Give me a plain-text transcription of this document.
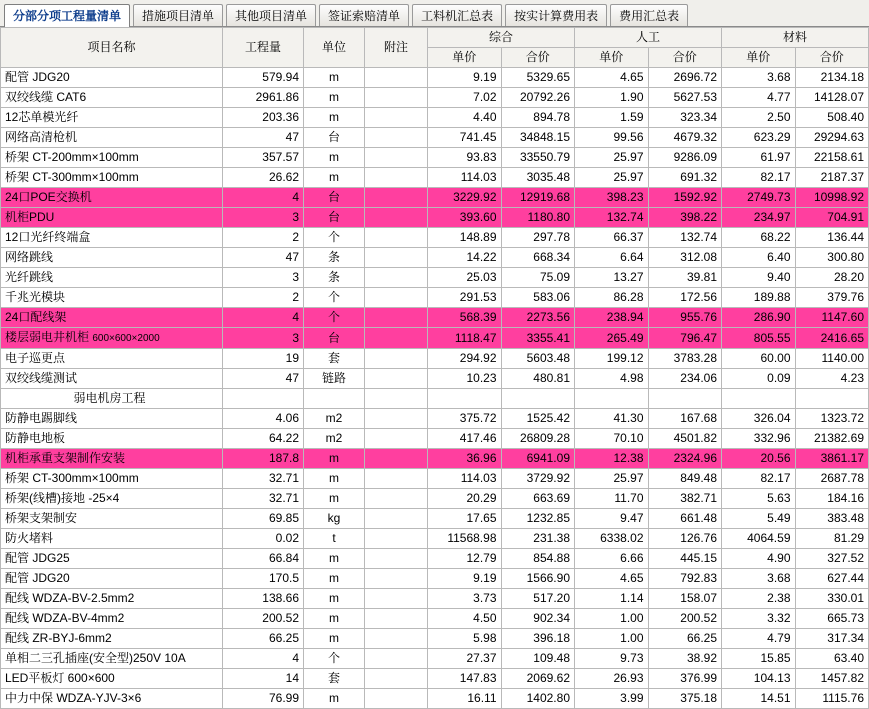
分部分项工程量清单	措施项目清单	其他项目清单	签证索赔清单	工料机汇总表	按实计算费用表	费用汇总表
项目名称	工程量	单位	附注	综合		人工		材料	
				单价	合价	单价	合价	单价	合价
配管 JDG20	579.94	m		9.19	5329.65	4.65	2696.72	3.68	2134.18
双绞线缆 CAT6	2961.86	m		7.02	20792.26	1.90	5627.53	4.77	14128.07
12芯单模光纤	203.36	m		4.40	894.78	1.59	323.34	2.50	508.40
网络高清枪机	47	台		741.45	34848.15	99.56	4679.32	623.29	29294.63
桥架 CT-200mm×100mm	357.57	m		93.83	33550.79	25.97	9286.09	61.97	22158.61
桥架 CT-300mm×100mm	26.62	m		114.03	3035.48	25.97	691.32	82.17	2187.37
24口POE交换机	4	台		3229.92	12919.68	398.23	1592.92	2749.73	10998.92
机柜PDU	3	台		393.60	1180.80	132.74	398.22	234.97	704.91
12口光纤终端盒	2	个		148.89	297.78	66.37	132.74	68.22	136.44
网络跳线	47	条		14.22	668.34	6.64	312.08	6.40	300.80
光纤跳线	3	条		25.03	75.09	13.27	39.81	9.40	28.20
千兆光模块	2	个		291.53	583.06	86.28	172.56	189.88	379.76
24口配线架	4	个		568.39	2273.56	238.94	955.76	286.90	1147.60
楼层弱电井机柜 600×600×2000	3	台		1118.47	3355.41	265.49	796.47	805.55	2416.65
电子巡更点	19	套		294.92	5603.48	199.12	3783.28	60.00	1140.00
双绞线缆测试	47	链路		10.23	480.81	4.98	234.06	0.09	4.23
弱电机房工程									
防静电踢脚线	4.06	m2		375.72	1525.42	41.30	167.68	326.04	1323.72
防静电地板	64.22	m2		417.46	26809.28	70.10	4501.82	332.96	21382.69
机柜承重支架制作安装	187.8	m		36.96	6941.09	12.38	2324.96	20.56	3861.17
桥架 CT-300mm×100mm	32.71	m		114.03	3729.92	25.97	849.48	82.17	2687.78
桥架(线槽)接地 -25×4	32.71	m		20.29	663.69	11.70	382.71	5.63	184.16
桥架支架制安	69.85	kg		17.65	1232.85	9.47	661.48	5.49	383.48
防火堵料	0.02	t		11568.98	231.38	6338.02	126.76	4064.59	81.29
配管 JDG25	66.84	m		12.79	854.88	6.66	445.15	4.90	327.52
配管 JDG20	170.5	m		9.19	1566.90	4.65	792.83	3.68	627.44
配线 WDZA-BV-2.5mm2	138.66	m		3.73	517.20	1.14	158.07	2.38	330.01
配线 WDZA-BV-4mm2	200.52	m		4.50	902.34	1.00	200.52	3.32	665.73
配线 ZR-BYJ-6mm2	66.25	m		5.98	396.18	1.00	66.25	4.79	317.34
单相二三孔插座(安全型)250V 10A	4	个		27.37	109.48	9.73	38.92	15.85	63.40
LED平板灯 600×600	14	套		147.83	2069.62	26.93	376.99	104.13	1457.82
中力中保 WDZA-YJV-3×6	76.99	m		16.11	1402.80	3.99	375.18	14.51	1115.76
